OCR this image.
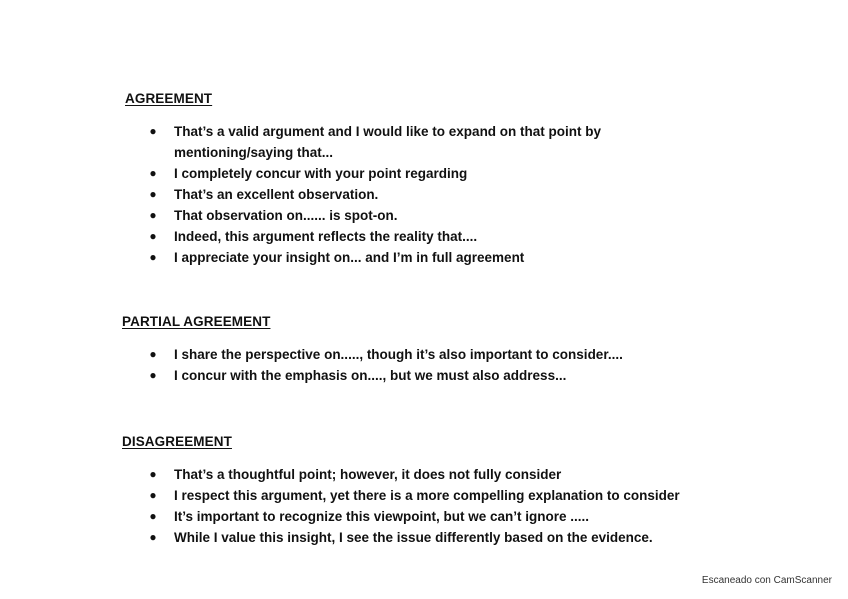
AGREEMENT
● That’s a valid argument and I would like to expand on that point by mentioning/saying that...
● I completely concur with your point regarding
● That’s an excellent observation.
● That observation on...... is spot-on.
● Indeed, this argument reflects the reality that....
● I appreciate your insight on... and I’m in full agreement
PARTIAL AGREEMENT
● I share the perspective on....., though it’s also important to consider....
● I concur with the emphasis on...., but we must also address...
DISAGREEMENT
● That’s a thoughtful point; however, it does not fully consider
● I respect this argument, yet there is a more compelling explanation to consider
● It’s important to recognize this viewpoint, but we can’t ignore .....
● While I value this insight, I see the issue differently based on the evidence.
Escaneado con CamScanner
